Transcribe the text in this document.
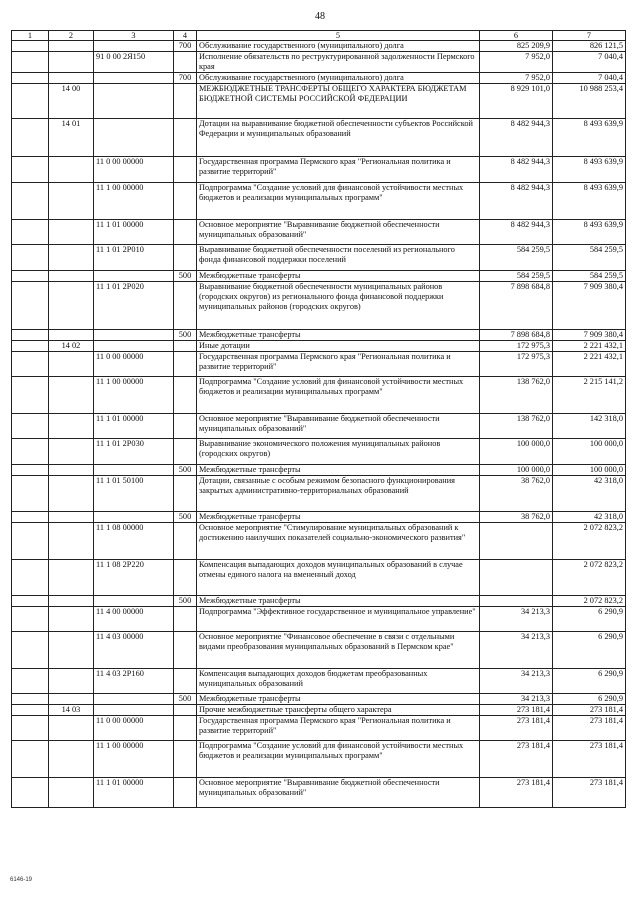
48
1	2	3	4	5	6	7
			700	Обслуживание государственного (муниципального) долга	825 209,9	826 121,5
		91 0 00 2Я150		Исполнение обязательств по реструктурированной задолженности Пермского края	7 952,0	7 040,4
			700	Обслуживание государственного (муниципального) долга	7 952,0	7 040,4
	14 00			МЕЖБЮДЖЕТНЫЕ ТРАНСФЕРТЫ ОБЩЕГО ХАРАКТЕРА БЮДЖЕТАМ БЮДЖЕТНОЙ СИСТЕМЫ РОССИЙСКОЙ ФЕДЕРАЦИИ	8 929 101,0	10 988 253,4
	14 01			Дотации на выравнивание бюджетной обеспеченности субъектов Российской Федерации и муниципальных образований	8 482 944,3	8 493 639,9
		11 0 00 00000		Государственная программа Пермского края "Региональная политика и развитие территорий"	8 482 944,3	8 493 639,9
		11 1 00 00000		Подпрограмма "Создание условий для финансовой устойчивости местных бюджетов и реализации муниципальных программ"	8 482 944,3	8 493 639,9
		11 1 01 00000		Основное мероприятие "Выравнивание бюджетной обеспеченности муниципальных образований"	8 482 944,3	8 493 639,9
		11 1 01 2Р010		Выравнивание бюджетной обеспеченности поселений из регионального фонда финансовой поддержки поселений	584 259,5	584 259,5
			500	Межбюджетные трансферты	584 259,5	584 259,5
		11 1 01 2Р020		Выравнивание бюджетной обеспеченности муниципальных районов (городских округов) из регионального фонда финансовой поддержки муниципальных районов (городских округов)	7 898 684,8	7 909 380,4
			500	Межбюджетные трансферты	7 898 684,8	7 909 380,4
	14 02			Иные дотации	172 975,3	2 221 432,1
		11 0 00 00000		Государственная программа Пермского края "Региональная политика и развитие территорий"	172 975,3	2 221 432,1
		11 1 00 00000		Подпрограмма "Создание условий для финансовой устойчивости местных бюджетов и реализации муниципальных программ"	138 762,0	2 215 141,2
		11 1 01 00000		Основное мероприятие "Выравнивание бюджетной обеспеченности муниципальных образований"	138 762,0	142 318,0
		11 1 01 2Р030		Выравнивание экономического положения муниципальных районов (городских округов)	100 000,0	100 000,0
			500	Межбюджетные трансферты	100 000,0	100 000,0
		11 1 01 50100		Дотации, связанные с особым режимом безопасного функционирования закрытых административно-территориальных образований	38 762,0	42 318,0
			500	Межбюджетные трансферты	38 762,0	42 318,0
		11 1 08 00000		Основное мероприятие "Стимулирование муниципальных образований к достижению наилучших показателей социально-экономического развития"		2 072 823,2
		11 1 08 2Р220		Компенсация выпадающих доходов муниципальных образований в случае отмены единого налога на вмененный доход		2 072 823,2
			500	Межбюджетные трансферты		2 072 823,2
		11 4 00 00000		Подпрограмма "Эффективное государственное и муниципальное управление"	34 213,3	6 290,9
		11 4 03 00000		Основное мероприятие "Финансовое обеспечение в связи с отдельными видами преобразования муниципальных образований в Пермском крае"	34 213,3	6 290,9
		11 4 03 2Р160		Компенсация выпадающих доходов бюджетам преобразованных муниципальных образований	34 213,3	6 290,9
			500	Межбюджетные трансферты	34 213,3	6 290,9
	14 03			Прочие межбюджетные трансферты общего характера	273 181,4	273 181,4
		11 0 00 00000		Государственная программа Пермского края "Региональная политика и развитие территорий"	273 181,4	273 181,4
		11 1 00 00000		Подпрограмма "Создание условий для финансовой устойчивости местных бюджетов и реализации муниципальных программ"	273 181,4	273 181,4
		11 1 01 00000		Основное мероприятие "Выравнивание бюджетной обеспеченности муниципальных образований"	273 181,4	273 181,4
6146-19
